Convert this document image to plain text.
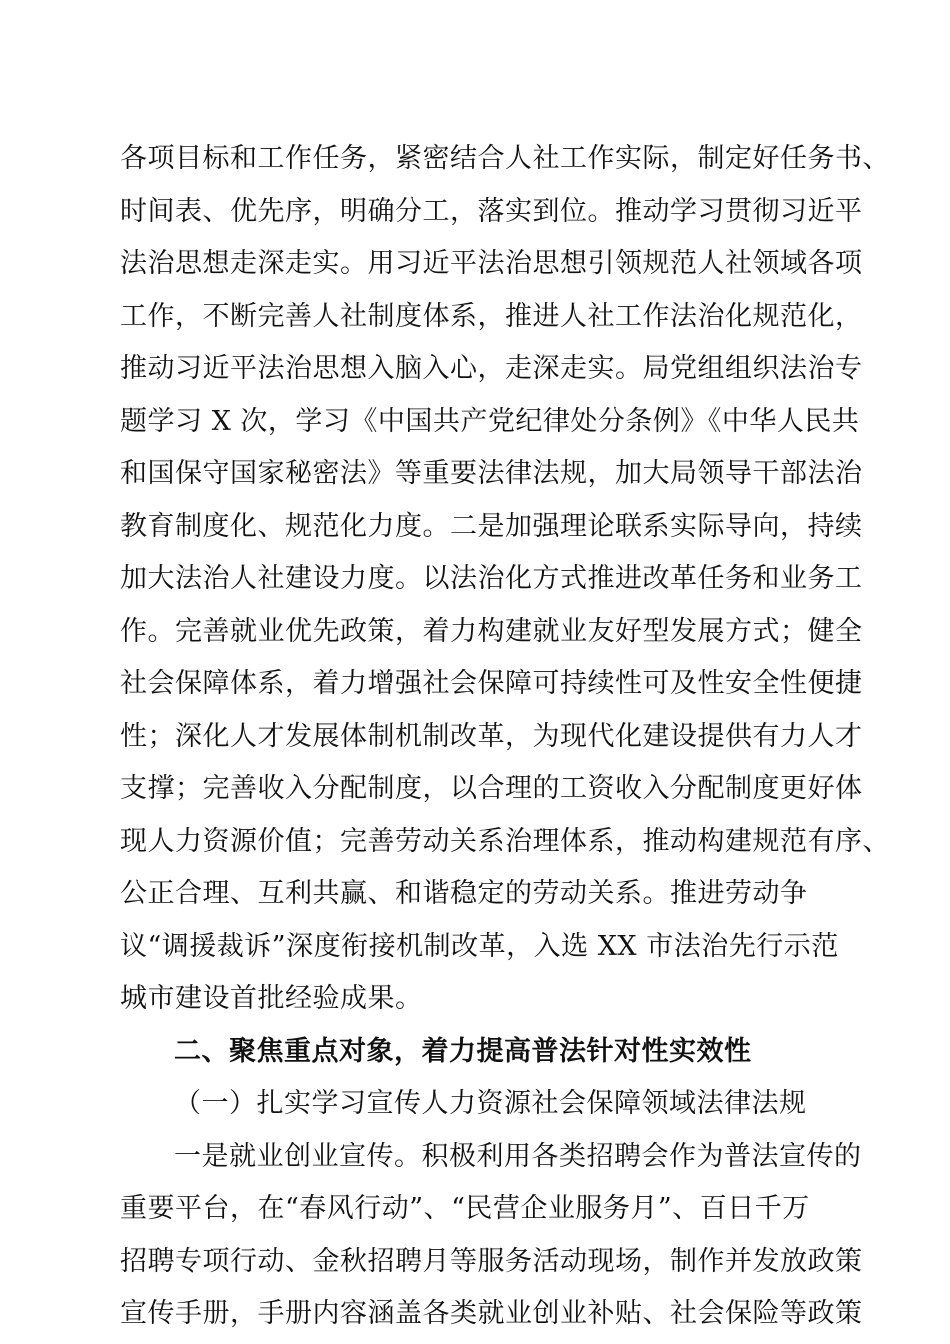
各项目标和工作任务，紧密结合人社工作实际，制定好任务书、
时间表、优先序，明确分工，落实到位。推动学习贯彻习近平
法治思想走深走实。用习近平法治思想引领规范人社领域各项
工作，不断完善人社制度体系，推进人社工作法治化规范化，
推动习近平法治思想入脑入心，走深走实。局党组组织法治专
题学习 X 次，学习《中国共产党纪律处分条例》《中华人民共
和国保守国家秘密法》等重要法律法规，加大局领导干部法治
教育制度化、规范化力度。二是加强理论联系实际导向，持续
加大法治人社建设力度。以法治化方式推进改革任务和业务工
作。完善就业优先政策，着力构建就业友好型发展方式；健全
社会保障体系，着力增强社会保障可持续性可及性安全性便捷
性；深化人才发展体制机制改革，为现代化建设提供有力人才
支撑；完善收入分配制度，以合理的工资收入分配制度更好体
现人力资源价值；完善劳动关系治理体系，推动构建规范有序、
公正合理、互利共赢、和谐稳定的劳动关系。推进劳动争
议“调援裁诉”深度衔接机制改革，入选 XX 市法治先行示范
城市建设首批经验成果。
二、聚焦重点对象，着力提高普法针对性实效性
（一）扎实学习宣传人力资源社会保障领域法律法规
一是就业创业宣传。积极利用各类招聘会作为普法宣传的
重要平台，在“春风行动”、“民营企业服务月”、百日千万
招聘专项行动、金秋招聘月等服务活动现场，制作并发放政策
宣传手册，手册内容涵盖各类就业创业补贴、社会保险等政策
